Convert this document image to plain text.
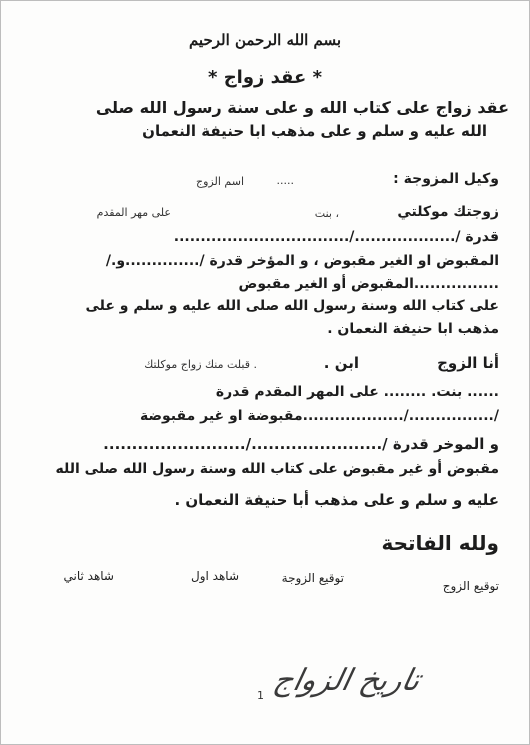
بسم الله الرحمن الرحيم
* عقد زواج *
عقد زواج على كتاب الله و على سنة رسول الله صلى
الله عليه و سلم و على مذهب ابا حنيفة النعمان
وكيل المزوجة :
.....
اسم الزوج
زوجتك موكلتي
، بنت
على مهر المقدم
قدرة /.................../.................................
المقبوض او الغير مقبوض ، و المؤخر قدرة /..............و./
................المقبوض أو الغير مقبوض
على كتاب الله وسنة رسول الله صلى الله عليه و سلم و على
مذهب ابا حنيفة النعمان .
أنا الزوج
ابن .
. قبلت منك زواج موكلتك
...... بنت. ........ على المهر المقدم قدرة
/................/...................مقبوضة او غير مقبوضة
و الموخر قدرة /......................./.........................
مقبوض أو غير مقبوض على كتاب الله وسنة رسول الله صلى الله
عليه و سلم و على مذهب أبا حنيفة النعمان .
ولله الفاتحة
توقيع الزوج
توقيع الزوجة
شاهد اول
شاهد ثاني
تاريخ الزواج
1
